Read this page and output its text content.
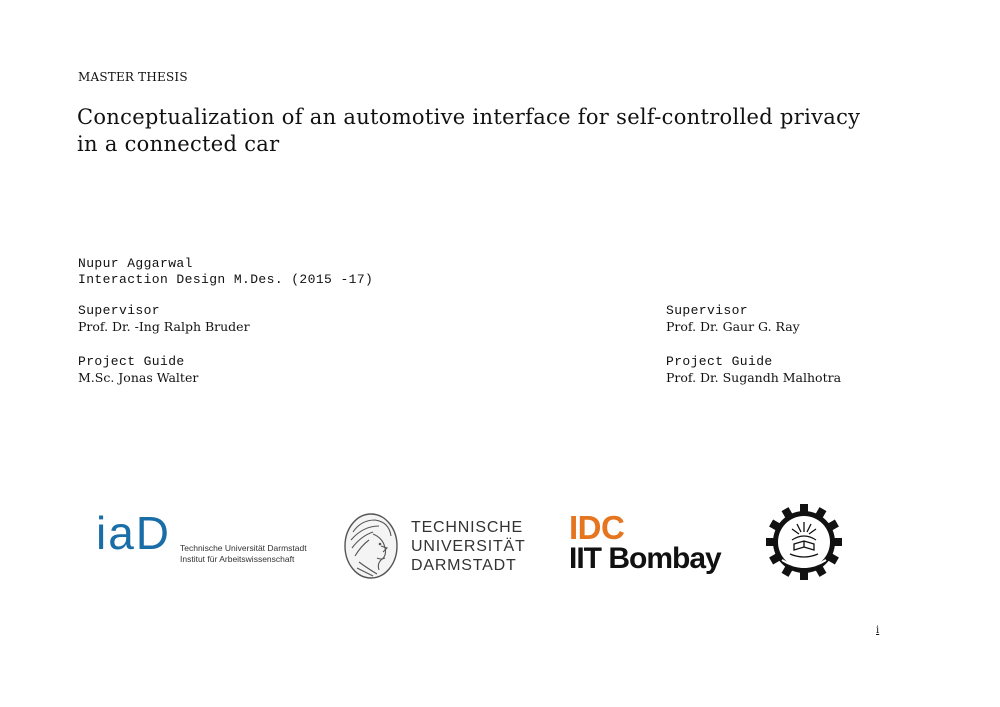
MASTER THESIS
Conceptualization of an automotive interface for self-controlled privacy in a connected car
Nupur Aggarwal
Interaction Design M.Des. (2015 -17)
Supervisor
Prof. Dr. -Ing Ralph Bruder
Project Guide
M.Sc. Jonas Walter
Supervisor
Prof. Dr. Gaur G. Ray
Project Guide
Prof. Dr. Sugandh Malhotra
iaD Technische Universität Darmstadt
Institut für Arbeitswissenschaft
TECHNISCHE
UNIVERSITÄT
DARMSTADT
IDC
IIT Bombay
i
